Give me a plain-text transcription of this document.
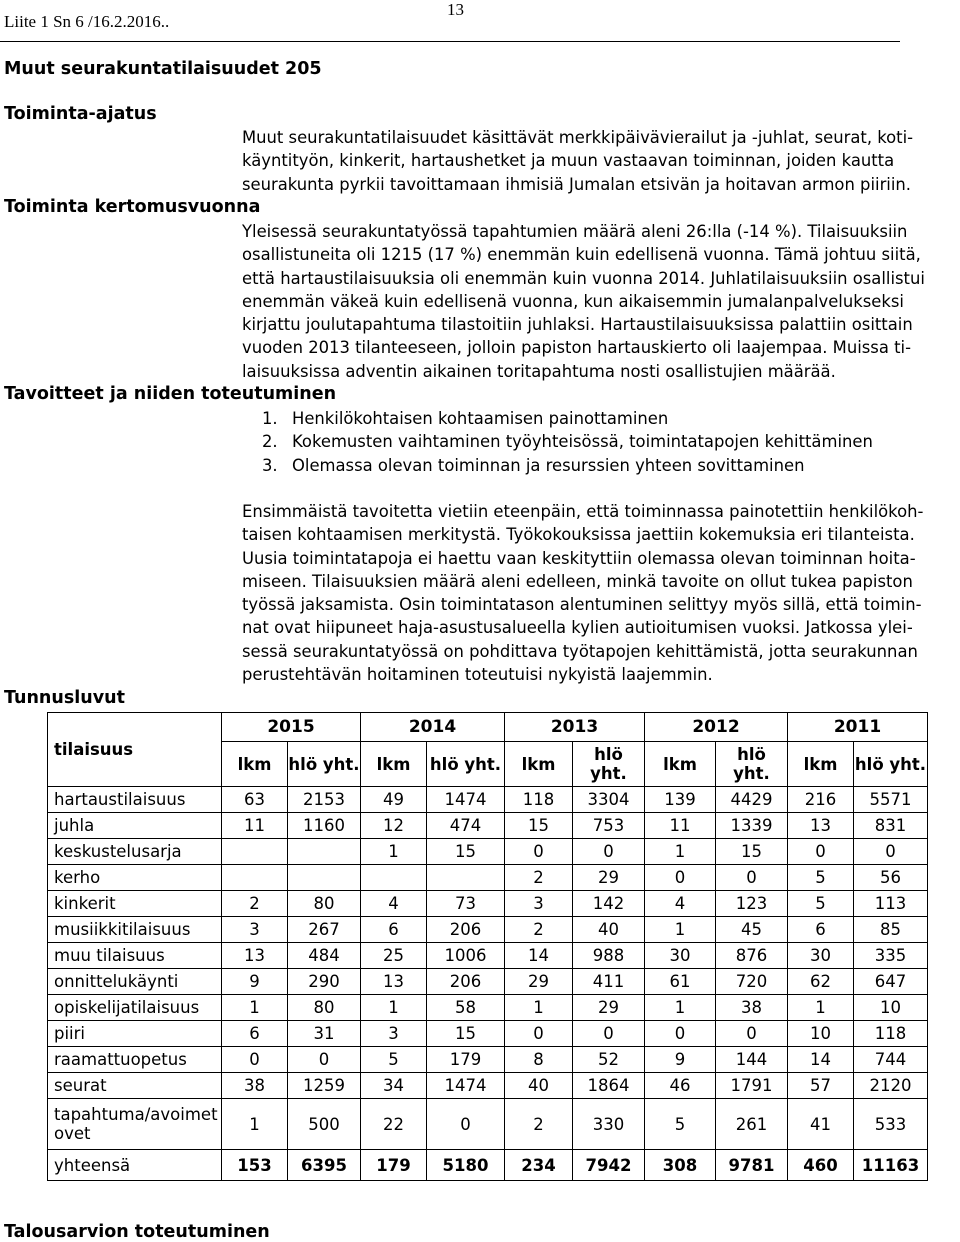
Liite 1 Sn 6 /16.2.2016..
13
Muut seurakuntatilaisuudet 205
Toiminta-ajatus
Muut seurakuntatilaisuudet käsittävät merkkipäivävierailut ja -juhlat, seurat, koti-
käyntityön, kinkerit, hartaushetket ja muun vastaavan toiminnan, joiden kautta
seurakunta pyrkii tavoittamaan ihmisiä Jumalan etsivän ja hoitavan armon piiriin.
Toiminta kertomusvuonna
Yleisessä seurakuntatyössä tapahtumien määrä aleni 26:lla (-14 %). Tilaisuuksiin
osallistuneita oli 1215 (17 %) enemmän kuin edellisenä vuonna. Tämä johtuu siitä,
että hartaustilaisuuksia oli enemmän kuin vuonna 2014. Juhlatilaisuuksiin osallistui
enemmän väkeä kuin edellisenä vuonna, kun aikaisemmin jumalanpalvelukseksi
kirjattu joulutapahtuma tilastoitiin juhlaksi. Hartaustilaisuuksissa palattiin osittain
vuoden 2013 tilanteeseen, jolloin papiston hartauskierto oli laajempaa. Muissa ti-
laisuuksissa adventin aikainen toritapahtuma nosti osallistujien määrää.
Tavoitteet ja niiden toteutuminen
1. Henkilökohtaisen kohtaamisen painottaminen
2. Kokemusten vaihtaminen työyhteisössä, toimintatapojen kehittäminen
3. Olemassa olevan toiminnan ja resurssien yhteen sovittaminen
Ensimmäistä tavoitetta vietiin eteenpäin, että toiminnassa painotettiin henkilökoh-
taisen kohtaamisen merkitystä. Työkokouksissa jaettiin kokemuksia eri tilanteista.
Uusia toimintatapoja ei haettu vaan keskityttiin olemassa olevan toiminnan hoita-
miseen. Tilaisuuksien määrä aleni edelleen, minkä tavoite on ollut tukea papiston
työssä jaksamista. Osin toimintatason alentuminen selittyy myös sillä, että toimin-
nat ovat hiipuneet haja-asustusalueella kylien autioitumisen vuoksi. Jatkossa ylei-
sessä seurakuntatyössä on pohdittava työtapojen kehittämistä, jotta seurakunnan
perustehtävän hoitaminen toteutuisi nykyistä laajemmin.
Tunnusluvut
tilaisuus	2015		2014		2013		2012		2011	
	lkm	hlö yht.	lkm	hlö yht.	lkm	hlö yht.	lkm	hlö yht.	lkm	hlö yht.
hartaustilaisuus	63	2153	49	1474	118	3304	139	4429	216	5571
juhla	11	1160	12	474	15	753	11	1339	13	831
keskustelusarja			1	15	0	0	1	15	0	0
kerho					2	29	0	0	5	56
kinkerit	2	80	4	73	3	142	4	123	5	113
musiikkitilaisuus	3	267	6	206	2	40	1	45	6	85
muu tilaisuus	13	484	25	1006	14	988	30	876	30	335
onnittelukäynti	9	290	13	206	29	411	61	720	62	647
opiskelijatilaisuus	1	80	1	58	1	29	1	38	1	10
piiri	6	31	3	15	0	0	0	0	10	118
raamattuopetus	0	0	5	179	8	52	9	144	14	744
seurat	38	1259	34	1474	40	1864	46	1791	57	2120
tapahtuma/avoimet ovet	1	500	22	0	2	330	5	261	41	533
yhteensä	153	6395	179	5180	234	7942	308	9781	460	11163
Talousarvion toteutuminen
